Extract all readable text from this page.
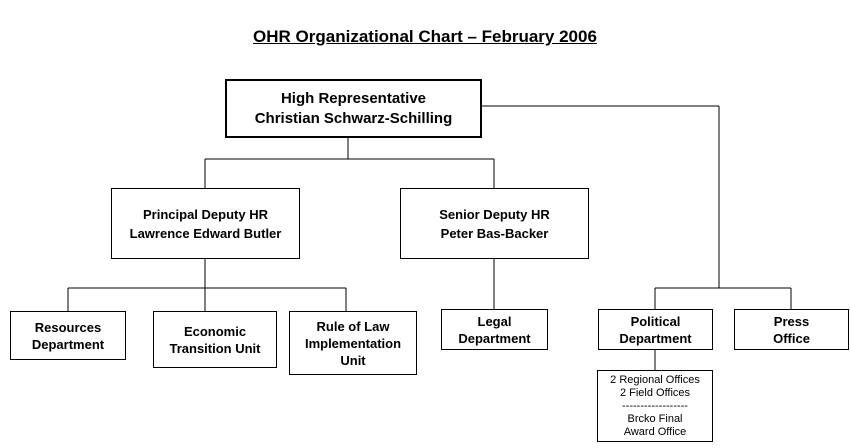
OHR Organizational Chart – February 2006
High Representative
Christian Schwarz-Schilling
Principal Deputy HR
Lawrence Edward Butler
Senior Deputy HR
Peter Bas-Backer
Resources
Department
Economic
Transition Unit
Rule of Law
Implementation
Unit
Legal
Department
Political
Department
Press
Office
2 Regional Offices
2 Field Offices
------------------
Brcko Final
Award Office
